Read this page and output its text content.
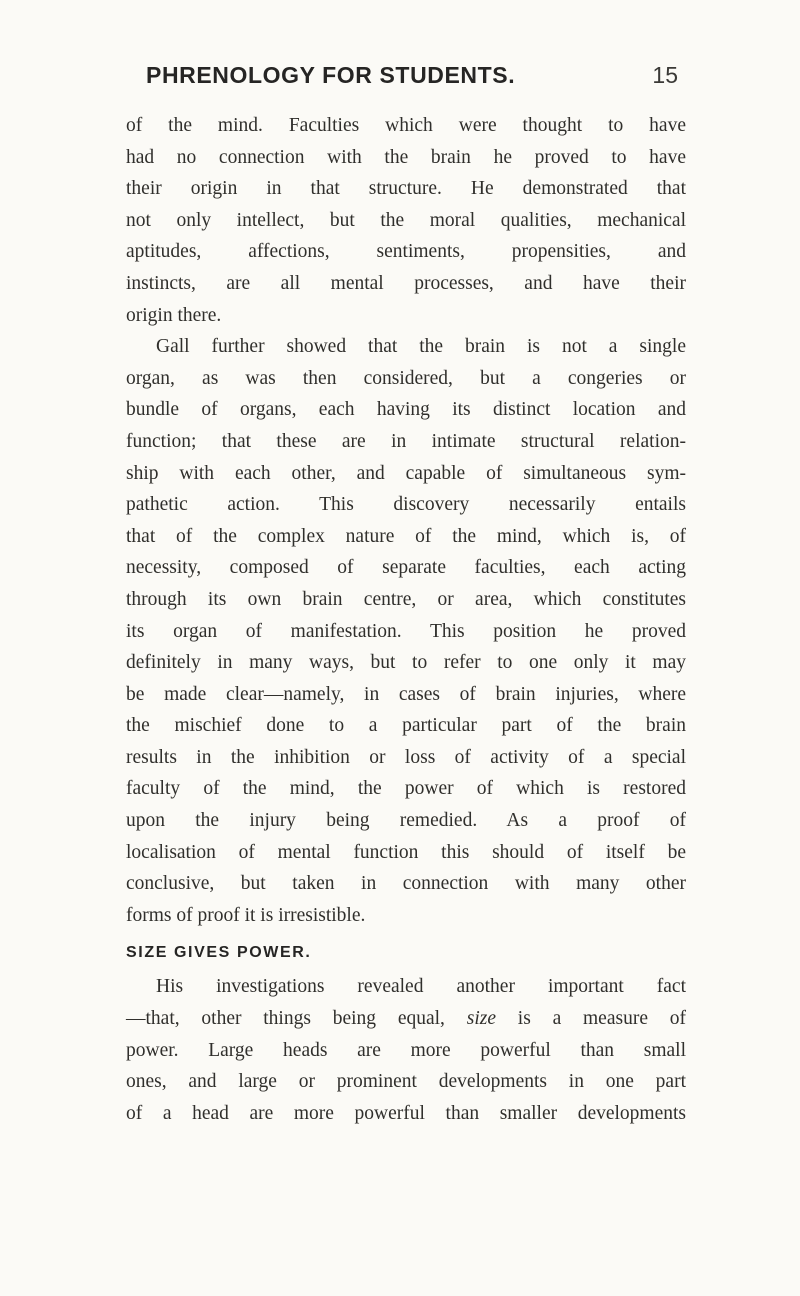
PHRENOLOGY FOR STUDENTS.	15
of the mind. Faculties which were thought to have
had no connection with the brain he proved to have
their origin in that structure. He demonstrated that
not only intellect, but the moral qualities, mechanical
aptitudes, affections, sentiments, propensities, and
instincts, are all mental processes, and have their
origin there.
Gall further showed that the brain is not a single
organ, as was then considered, but a congeries or
bundle of organs, each having its distinct location and
function; that these are in intimate structural relation-
ship with each other, and capable of simultaneous sym-
pathetic action. This discovery necessarily entails
that of the complex nature of the mind, which is, of
necessity, composed of separate faculties, each acting
through its own brain centre, or area, which constitutes
its organ of manifestation. This position he proved
definitely in many ways, but to refer to one only it may
be made clear—namely, in cases of brain injuries, where
the mischief done to a particular part of the brain
results in the inhibition or loss of activity of a special
faculty of the mind, the power of which is restored
upon the injury being remedied. As a proof of
localisation of mental function this should of itself be
conclusive, but taken in connection with many other
forms of proof it is irresistible.
SIZE GIVES POWER.
His investigations revealed another important fact
—that, other things being equal, size is a measure of
power. Large heads are more powerful than small
ones, and large or prominent developments in one part
of a head are more powerful than smaller developments
